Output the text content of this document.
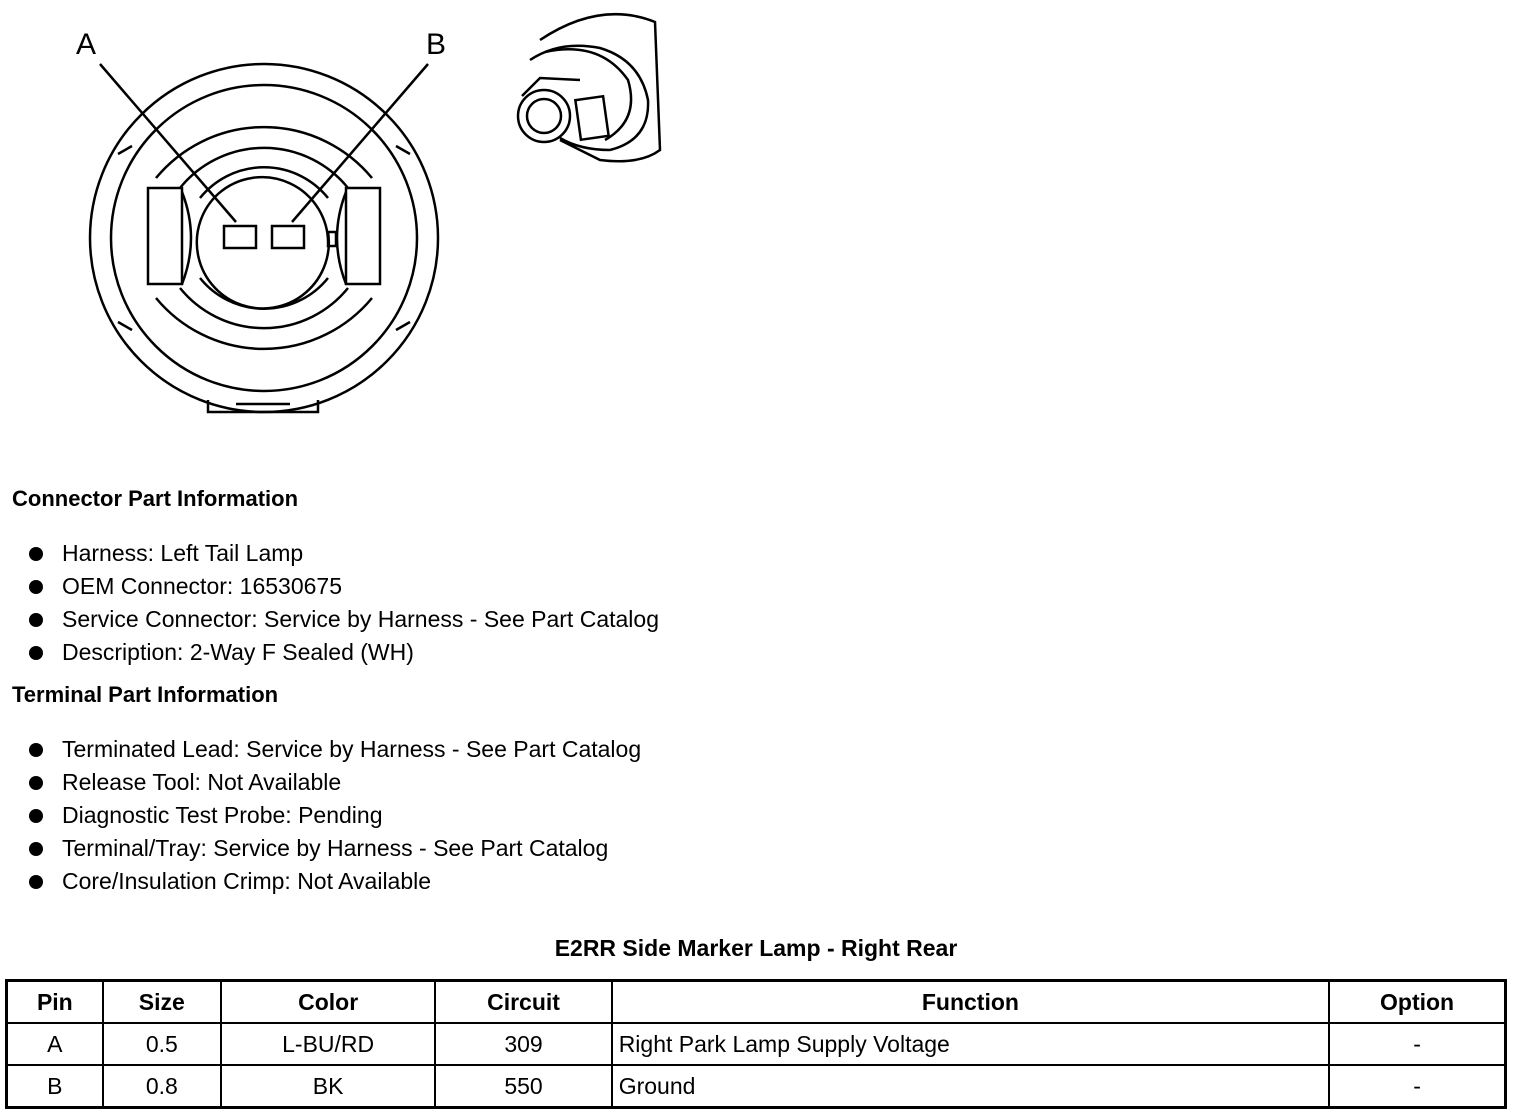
A	B
Connector Part Information
Harness: Left Tail Lamp
OEM Connector: 16530675
Service Connector: Service by Harness - See Part Catalog
Description: 2-Way F Sealed (WH)
Terminal Part Information
Terminated Lead: Service by Harness - See Part Catalog
Release Tool: Not Available
Diagnostic Test Probe: Pending
Terminal/Tray: Service by Harness - See Part Catalog
Core/Insulation Crimp: Not Available
E2RR Side Marker Lamp - Right Rear
Pin	Size	Color	Circuit	Function	Option
A	0.5	L-BU/RD	309	Right Park Lamp Supply Voltage	-
B	0.8	BK	550	Ground	-
